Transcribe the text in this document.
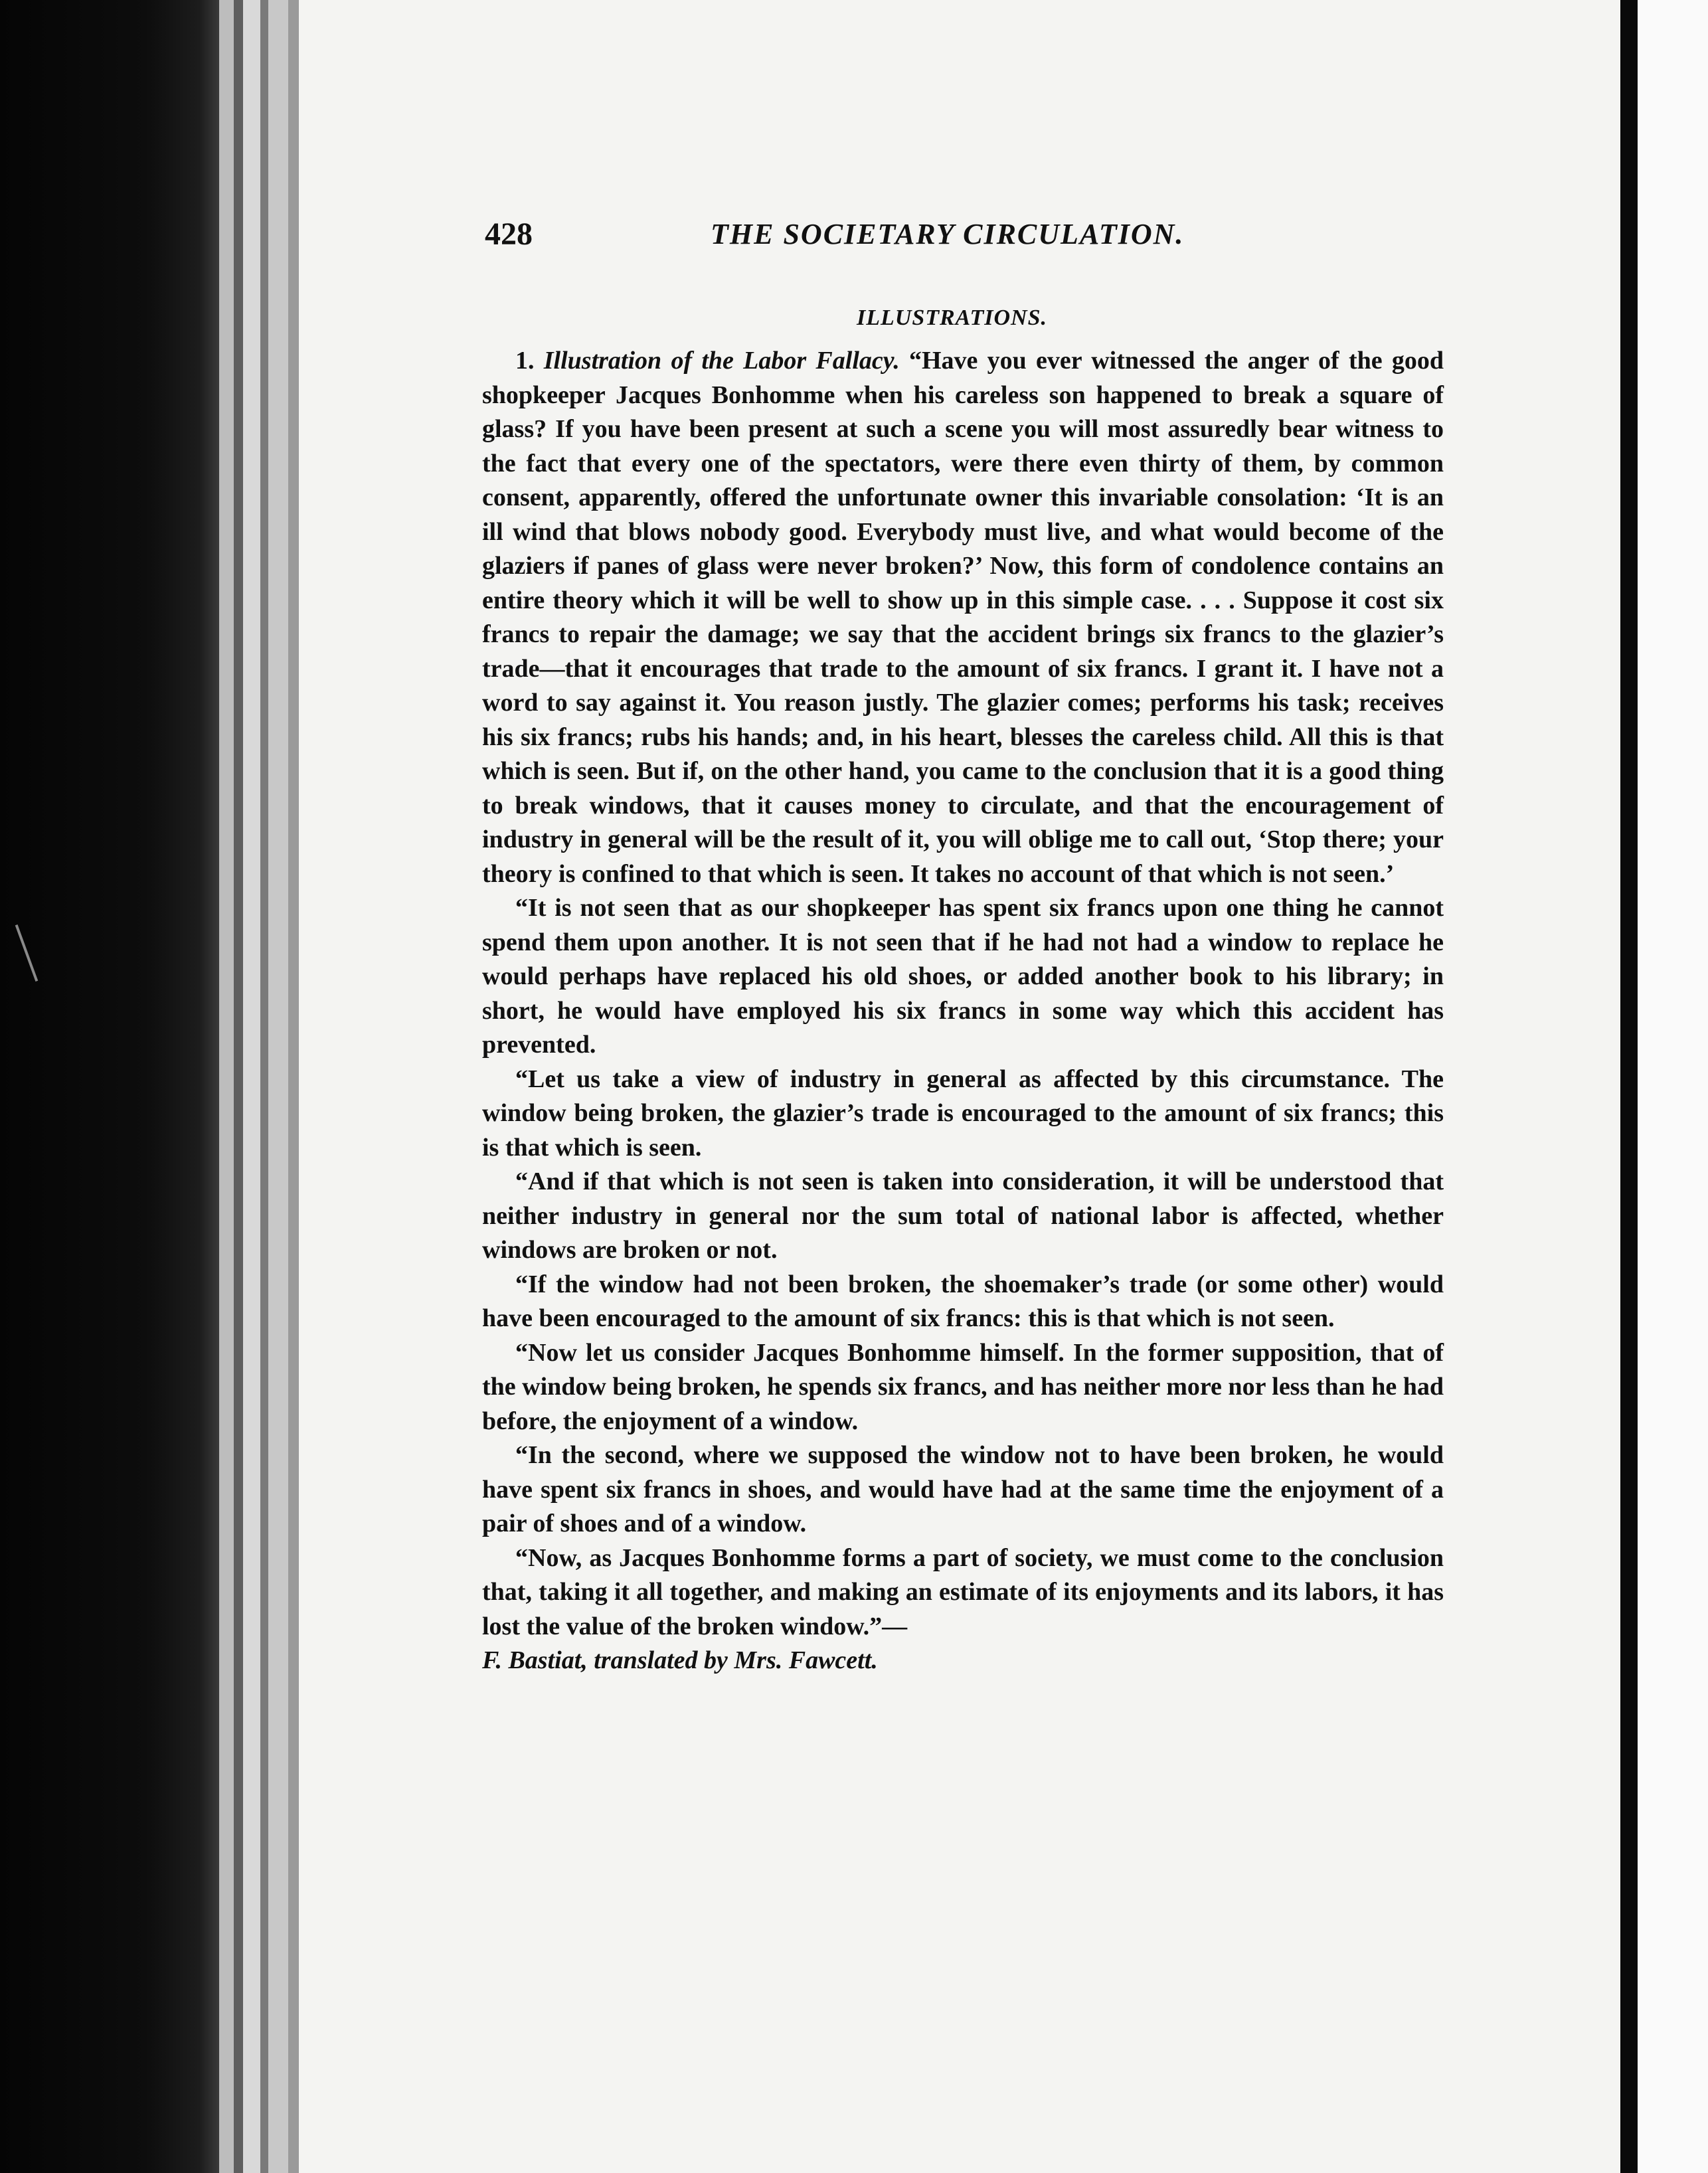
428	THE SOCIETARY CIRCULATION.
ILLUSTRATIONS.

1. Illustration of the Labor Fallacy. “Have you ever witnessed the anger of the good shopkeeper Jacques Bonhomme when his careless son happened to break a square of glass? If you have been present at such a scene you will most assuredly bear witness to the fact that every one of the spectators, were there even thirty of them, by common consent, apparently, offered the unfortunate owner this invariable consolation: ‘It is an ill wind that blows nobody good. Everybody must live, and what would become of the glaziers if panes of glass were never broken?’ Now, this form of condolence contains an entire theory which it will be well to show up in this simple case. . . . Suppose it cost six francs to repair the damage; we say that the accident brings six francs to the glazier’s trade—that it encourages that trade to the amount of six francs. I grant it. I have not a word to say against it. You reason justly. The glazier comes; performs his task; receives his six francs; rubs his hands; and, in his heart, blesses the careless child. All this is that which is seen. But if, on the other hand, you came to the conclusion that it is a good thing to break windows, that it causes money to circulate, and that the encouragement of industry in general will be the result of it, you will oblige me to call out, ‘Stop there; your theory is confined to that which is seen. It takes no account of that which is not seen.’

“It is not seen that as our shopkeeper has spent six francs upon one thing he cannot spend them upon another. It is not seen that if he had not had a window to replace he would perhaps have replaced his old shoes, or added another book to his library; in short, he would have employed his six francs in some way which this accident has prevented.

“Let us take a view of industry in general as affected by this circumstance. The window being broken, the glazier’s trade is encouraged to the amount of six francs; this is that which is seen.

“And if that which is not seen is taken into consideration, it will be understood that neither industry in general nor the sum total of national labor is affected, whether windows are broken or not.

“If the window had not been broken, the shoemaker’s trade (or some other) would have been encouraged to the amount of six francs: this is that which is not seen.

“Now let us consider Jacques Bonhomme himself. In the former supposition, that of the window being broken, he spends six francs, and has neither more nor less than he had before, the enjoyment of a window.

“In the second, where we supposed the window not to have been broken, he would have spent six francs in shoes, and would have had at the same time the enjoyment of a pair of shoes and of a window.

“Now, as Jacques Bonhomme forms a part of society, we must come to the conclusion that, taking it all together, and making an estimate of its enjoyments and its labors, it has lost the value of the broken window.”—
F. Bastiat, translated by Mrs. Fawcett.
